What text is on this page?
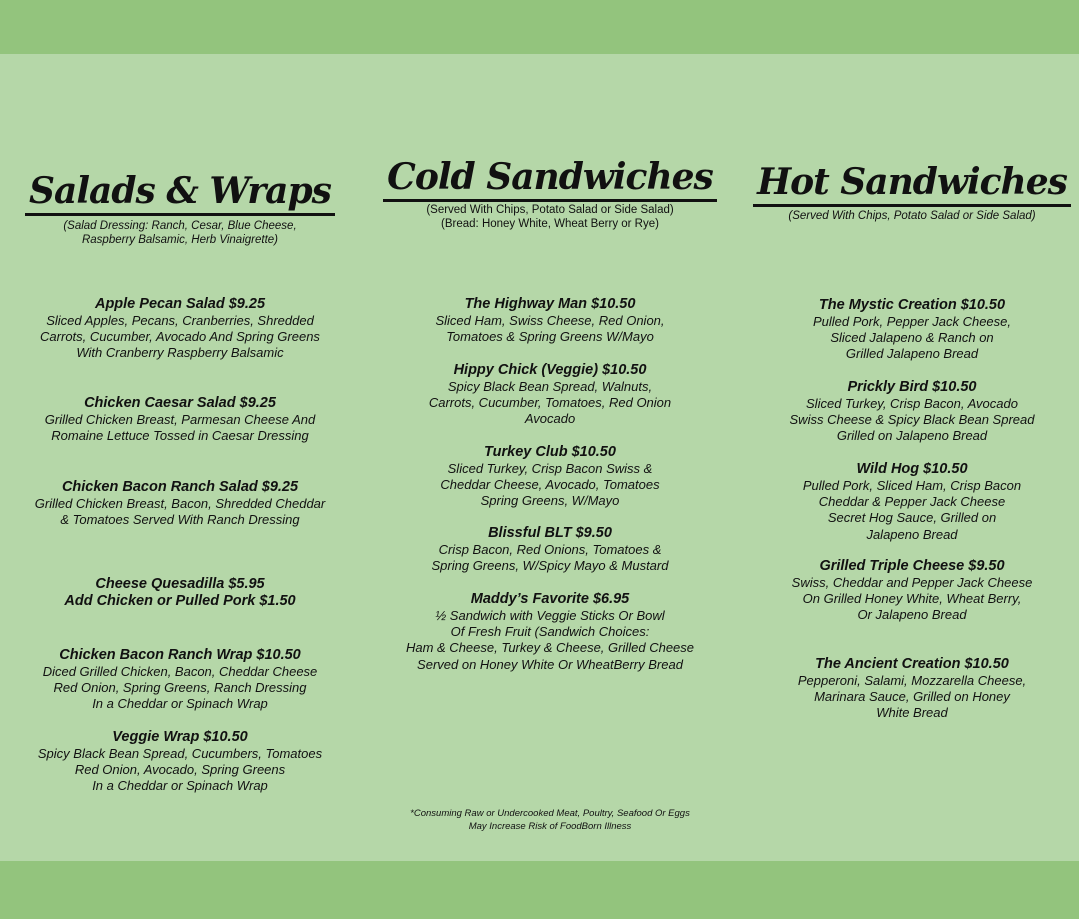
Salads & Wraps
(Salad Dressing: Ranch, Cesar, Blue Cheese,
Raspberry Balsamic, Herb Vinaigrette)
Apple Pecan Salad $9.25
Sliced Apples, Pecans, Cranberries, Shredded
Carrots, Cucumber, Avocado And Spring Greens
With Cranberry Raspberry Balsamic
Chicken Caesar Salad $9.25
Grilled Chicken Breast, Parmesan Cheese And
Romaine Lettuce Tossed in Caesar Dressing
Chicken Bacon Ranch Salad $9.25
Grilled Chicken Breast, Bacon, Shredded Cheddar
& Tomatoes Served With Ranch Dressing
Cheese Quesadilla $5.95
Add Chicken or Pulled Pork $1.50
Chicken Bacon Ranch Wrap $10.50
Diced Grilled Chicken, Bacon, Cheddar Cheese
Red Onion, Spring Greens, Ranch Dressing
In a Cheddar or Spinach Wrap
Veggie Wrap $10.50
Spicy Black Bean Spread, Cucumbers, Tomatoes
Red Onion, Avocado, Spring Greens
In a Cheddar or Spinach Wrap
Cold Sandwiches
(Served With Chips, Potato Salad or Side Salad)
(Bread: Honey White, Wheat Berry or Rye)
The Highway Man $10.50
Sliced Ham, Swiss Cheese, Red Onion,
Tomatoes & Spring Greens W/Mayo
Hippy Chick (Veggie) $10.50
Spicy Black Bean Spread, Walnuts,
Carrots, Cucumber, Tomatoes, Red Onion
Avocado
Turkey Club $10.50
Sliced Turkey, Crisp Bacon Swiss &
Cheddar Cheese, Avocado, Tomatoes
Spring Greens, W/Mayo
Blissful BLT $9.50
Crisp Bacon, Red Onions, Tomatoes &
Spring Greens, W/Spicy Mayo & Mustard
Maddy’s Favorite $6.95
½ Sandwich with Veggie Sticks Or Bowl
Of Fresh Fruit (Sandwich Choices:
Ham & Cheese, Turkey & Cheese, Grilled Cheese
Served on Honey White Or WheatBerry Bread
*Consuming Raw or Undercooked Meat, Poultry, Seafood Or Eggs
May Increase Risk of FoodBorn Illness
Hot Sandwiches
(Served With Chips, Potato Salad or Side Salad)
The Mystic Creation $10.50
Pulled Pork, Pepper Jack Cheese,
Sliced Jalapeno & Ranch on
Grilled Jalapeno Bread
Prickly Bird $10.50
Sliced Turkey, Crisp Bacon, Avocado
Swiss Cheese & Spicy Black Bean Spread
Grilled on Jalapeno Bread
Wild Hog $10.50
Pulled Pork, Sliced Ham, Crisp Bacon
Cheddar & Pepper Jack Cheese
Secret Hog Sauce, Grilled on
Jalapeno Bread
Grilled Triple Cheese $9.50
Swiss, Cheddar and Pepper Jack Cheese
On Grilled Honey White, Wheat Berry,
Or Jalapeno Bread
The Ancient Creation $10.50
Pepperoni, Salami, Mozzarella Cheese,
Marinara Sauce, Grilled on Honey
White Bread
